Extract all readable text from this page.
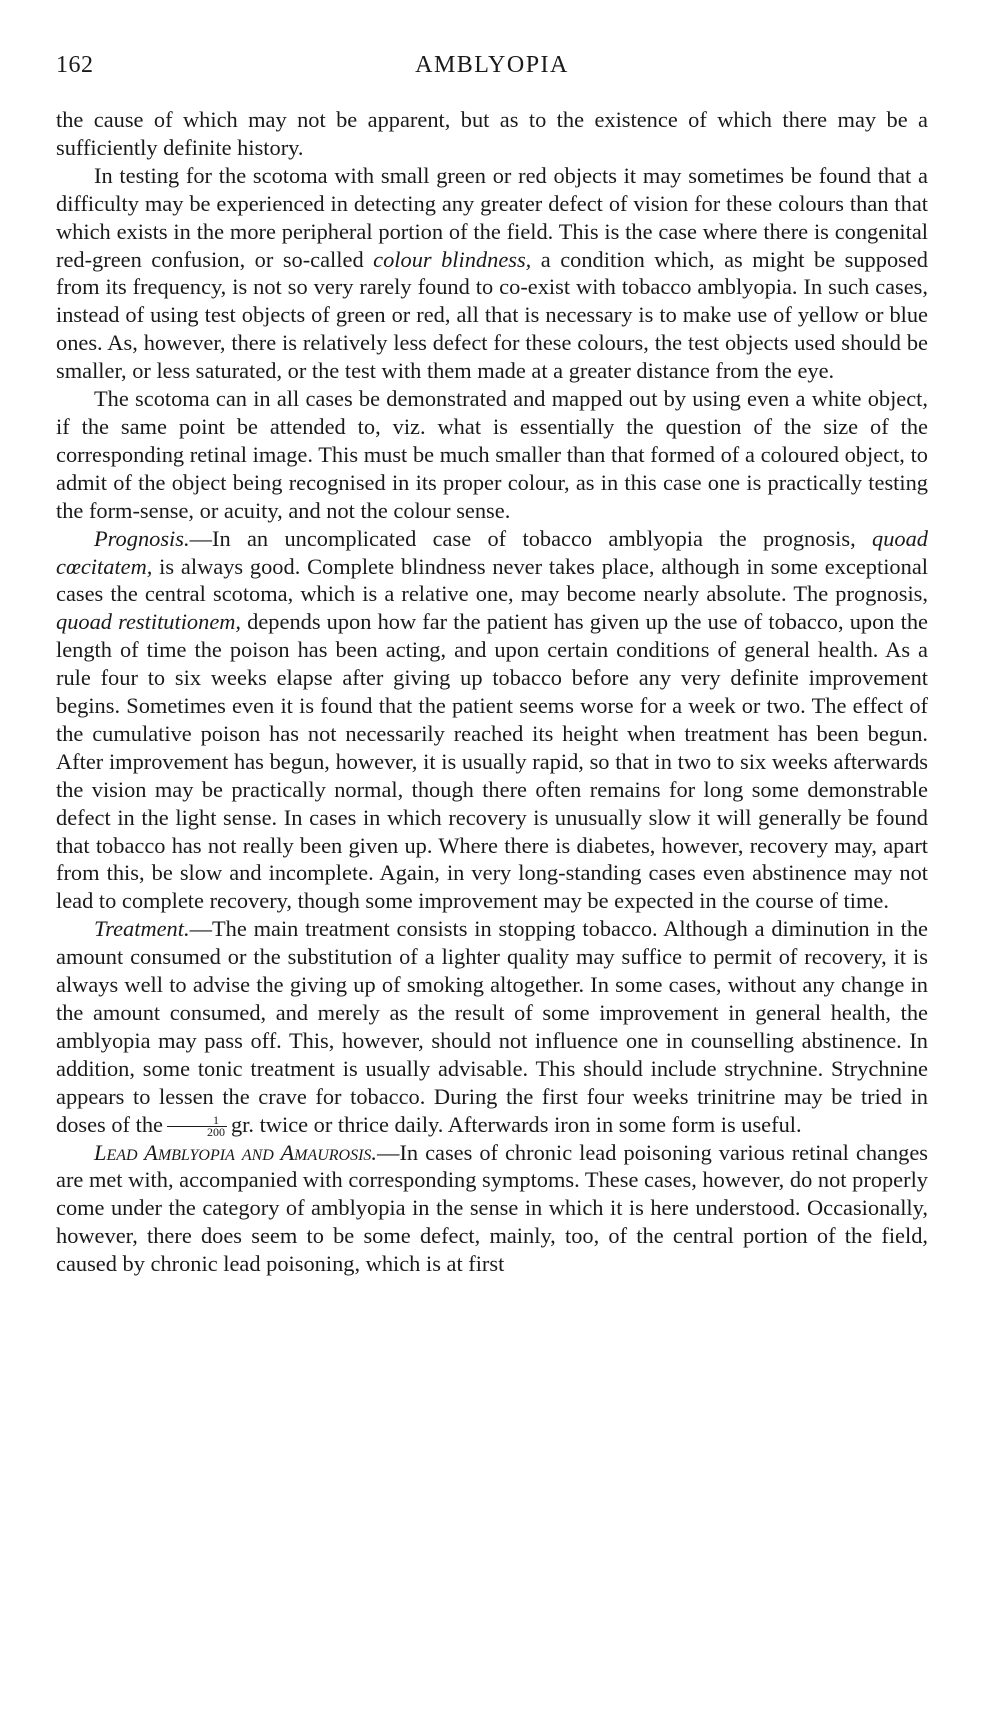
162	AMBLYOPIA

the cause of which may not be apparent, but as to the existence of which there may be a sufficiently definite history.

In testing for the scotoma with small green or red objects it may sometimes be found that a difficulty may be experienced in detecting any greater defect of vision for these colours than that which exists in the more peripheral portion of the field. This is the case where there is congenital red-green confusion, or so-called colour blindness, a condition which, as might be supposed from its frequency, is not so very rarely found to co-exist with tobacco amblyopia. In such cases, instead of using test objects of green or red, all that is necessary is to make use of yellow or blue ones. As, however, there is relatively less defect for these colours, the test objects used should be smaller, or less saturated, or the test with them made at a greater distance from the eye.

The scotoma can in all cases be demonstrated and mapped out by using even a white object, if the same point be attended to, viz. what is essentially the question of the size of the corresponding retinal image. This must be much smaller than that formed of a coloured object, to admit of the object being recognised in its proper colour, as in this case one is practically testing the form-sense, or acuity, and not the colour sense.

Prognosis.—In an uncomplicated case of tobacco amblyopia the prognosis, quoad cœcitatem, is always good. Complete blindness never takes place, although in some exceptional cases the central scotoma, which is a relative one, may become nearly absolute. The prognosis, quoad restitutionem, depends upon how far the patient has given up the use of tobacco, upon the length of time the poison has been acting, and upon certain conditions of general health. As a rule four to six weeks elapse after giving up tobacco before any very definite improvement begins. Sometimes even it is found that the patient seems worse for a week or two. The effect of the cumulative poison has not necessarily reached its height when treatment has been begun. After improvement has begun, however, it is usually rapid, so that in two to six weeks afterwards the vision may be practically normal, though there often remains for long some demonstrable defect in the light sense. In cases in which recovery is unusually slow it will generally be found that tobacco has not really been given up. Where there is diabetes, however, recovery may, apart from this, be slow and incomplete. Again, in very long-standing cases even abstinence may not lead to complete recovery, though some improvement may be expected in the course of time.

Treatment.—The main treatment consists in stopping tobacco. Although a diminution in the amount consumed or the substitution of a lighter quality may suffice to permit of recovery, it is always well to advise the giving up of smoking altogether. In some cases, without any change in the amount consumed, and merely as the result of some improvement in general health, the amblyopia may pass off. This, however, should not influence one in counselling abstinence. In addition, some tonic treatment is usually advisable. This should include strychnine. Strychnine appears to lessen the crave for tobacco. During the first four weeks trinitrine may be tried in doses of the $\frac{1}{200}$ gr. twice or thrice daily. Afterwards iron in some form is useful.

Lead Amblyopia and Amaurosis.—In cases of chronic lead poisoning various retinal changes are met with, accompanied with corresponding symptoms. These cases, however, do not properly come under the category of amblyopia in the sense in which it is here understood. Occasionally, however, there does seem to be some defect, mainly, too, of the central portion of the field, caused by chronic lead poisoning, which is at first
